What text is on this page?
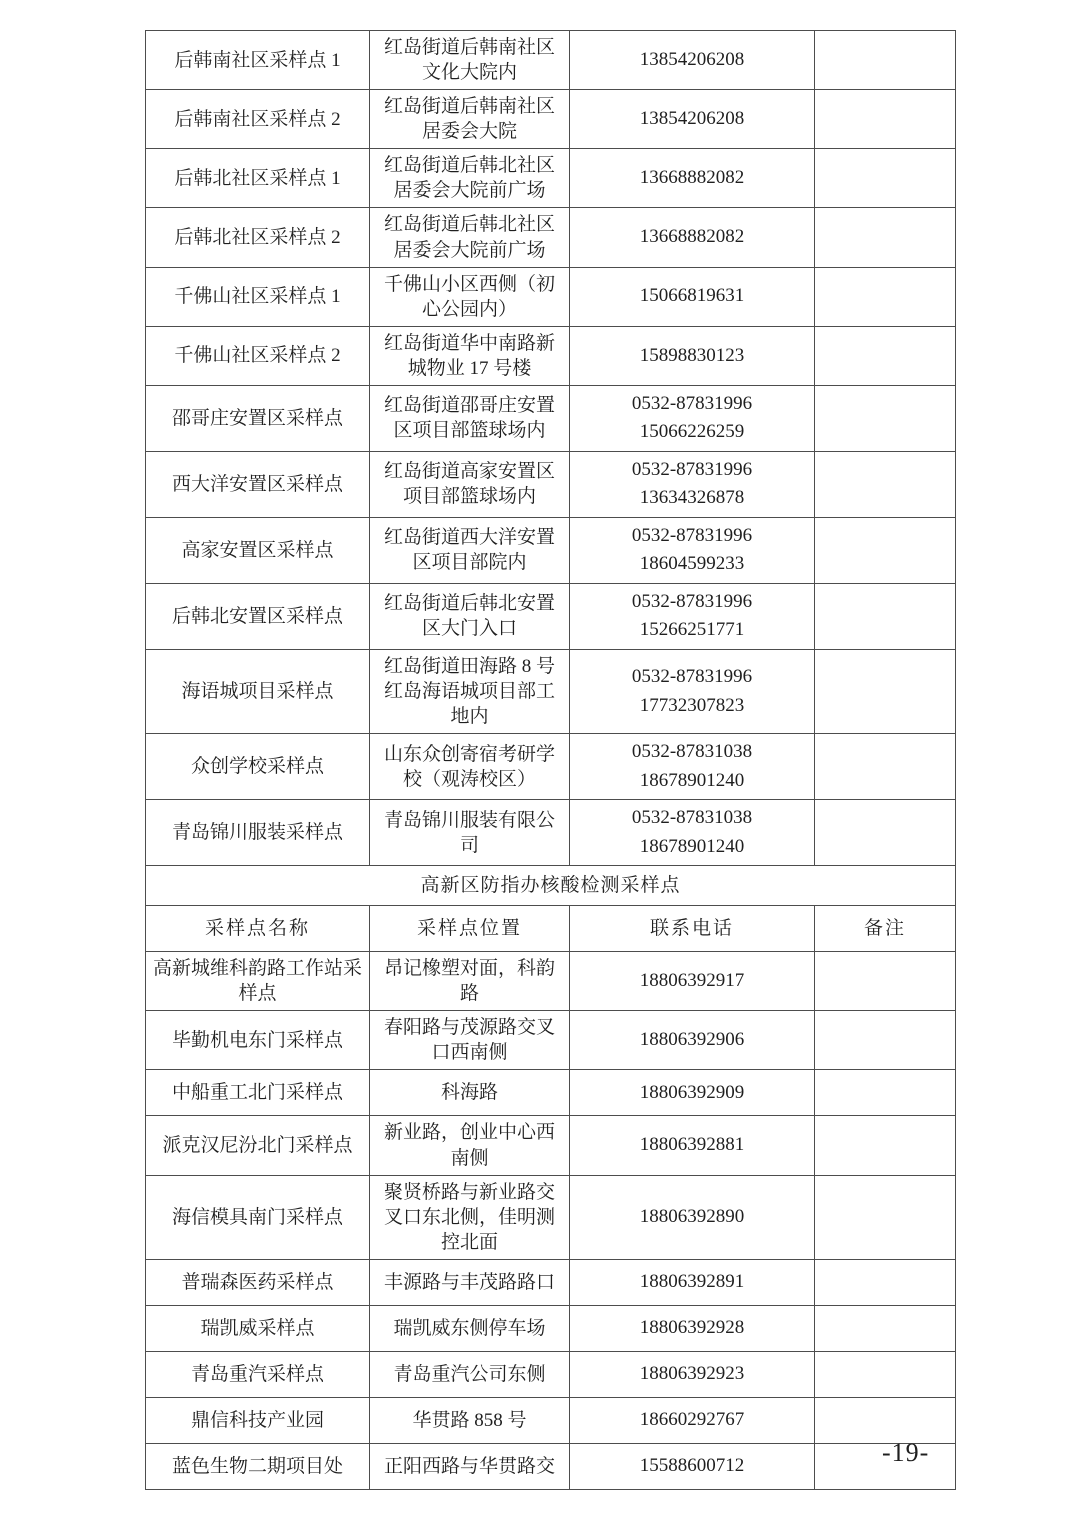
后韩南社区采样点 1	红岛街道后韩南社区文化大院内	13854206208	

后韩南社区采样点 2	红岛街道后韩南社区居委会大院	13854206208	

后韩北社区采样点 1	红岛街道后韩北社区居委会大院前广场	13668882082	

后韩北社区采样点 2	红岛街道后韩北社区居委会大院前广场	13668882082	

千佛山社区采样点 1	千佛山小区西侧（初心公园内）	15066819631	

千佛山社区采样点 2	红岛街道华中南路新城物业 17 号楼	15898830123	

邵哥庄安置区采样点	红岛街道邵哥庄安置区项目部篮球场内	0532-87831996
15066226259	

西大洋安置区采样点	红岛街道高家安置区项目部篮球场内	0532-87831996
13634326878	

高家安置区采样点	红岛街道西大洋安置区项目部院内	0532-87831996
18604599233	

后韩北安置区采样点	红岛街道后韩北安置区大门入口	0532-87831996
15266251771	

海语城项目采样点	红岛街道田海路 8 号红岛海语城项目部工地内	0532-87831996
17732307823	

众创学校采样点	山东众创寄宿考研学校（观涛校区）	0532-87831038
18678901240	

青岛锦川服装采样点	青岛锦川服装有限公司	0532-87831038
18678901240	

高新区防指办核酸检测采样点			
采样点名称	采样点位置	联系电话	备注
高新城维科韵路工作站采样点	昂记橡塑对面，科韵路	18806392917	

毕勤机电东门采样点	春阳路与茂源路交叉口西南侧	18806392906	

中船重工北门采样点	科海路	18806392909	

派克汉尼汾北门采样点	新业路，创业中心西南侧	18806392881	

海信模具南门采样点	聚贤桥路与新业路交叉口东北侧，佳明测控北面	18806392890	

普瑞森医药采样点	丰源路与丰茂路路口	18806392891	

瑞凯威采样点	瑞凯威东侧停车场	18806392928	

青岛重汽采样点	青岛重汽公司东侧	18806392923	

鼎信科技产业园	华贯路 858 号	18660292767	

蓝色生物二期项目处	正阳西路与华贯路交	15588600712	
		-19-
